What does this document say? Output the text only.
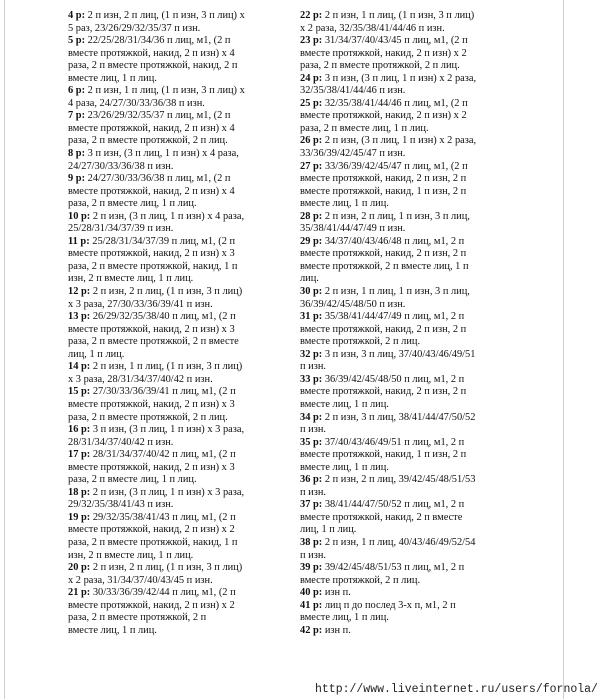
4 р: 2 п изн, 2 п лиц, (1 п изн, 3 п лиц) х
5 раз, 23/26/29/32/35/37 п изн.
5 р: 22/25/28/31/34/36 п лиц, м1, (2 п
вместе протяжкой, накид, 2 п изн) х 4
раза, 2 п вместе протяжкой, накид, 2 п
вместе лиц, 1 п лиц.
6 р: 2 п изн, 1 п лиц, (1 п изн, 3 п лиц) х
4 раза, 24/27/30/33/36/38 п изн.
7 р: 23/26/29/32/35/37 п лиц, м1, (2 п
вместе протяжкой, накид, 2 п изн) х 4
раза, 2 п вместе протяжкой, 2 п лиц.
8 р: 3 п изн, (3 п лиц, 1 п изн) х 4 раза,
24/27/30/33/36/38 п изн.
9 р: 24/27/30/33/36/38 п лиц, м1, (2 п
вместе протяжкой, накид, 2 п изн) х 4
раза, 2 п вместе лиц, 1 п лиц.
10 р: 2 п изн, (3 п лиц, 1 п изн) х 4 раза,
25/28/31/34/37/39 п изн.
11 р: 25/28/31/34/37/39 п лиц, м1, (2 п
вместе протяжкой, накид, 2 п изн) х 3
раза, 2 п вместе протяжкой, накид, 1 п
изн, 2 п вместе лиц, 1 п лиц.
12 р: 2 п изн, 2 п лиц, (1 п изн, 3 п лиц)
х 3 раза, 27/30/33/36/39/41 п изн.
13 р: 26/29/32/35/38/40 п лиц, м1, (2 п
вместе протяжкой, накид, 2 п изн) х 3
раза, 2 п вместе протяжкой, 2 п вместе
лиц, 1 п лиц.
14 р: 2 п изн, 1 п лиц, (1 п изн, 3 п лиц)
х 3 раза, 28/31/34/37/40/42 п изн.
15 р: 27/30/33/36/39/41 п лиц, м1, (2 п
вместе протяжкой, накид, 2 п изн) х 3
раза, 2 п вместе протяжкой, 2 п лиц.
16 р: 3 п изн, (3 п лиц, 1 п изн) х 3 раза,
28/31/34/37/40/42 п изн.
17 р: 28/31/34/37/40/42 п лиц, м1, (2 п
вместе протяжкой, накид, 2 п изн) х 3
раза, 2 п вместе лиц, 1 п лиц.
18 р: 2 п изн, (3 п лиц, 1 п изн) х 3 раза,
29/32/35/38/41/43 п изн.
19 р: 29/32/35/38/41/43 п лиц, м1, (2 п
вместе протяжкой, накид, 2 п изн) х 2
раза, 2 п вместе протяжкой, накид, 1 п
изн, 2 п вместе лиц, 1 п лиц.
20 р: 2 п изн, 2 п лиц, (1 п изн, 3 п лиц)
х 2 раза, 31/34/37/40/43/45 п изн.
21 р: 30/33/36/39/42/44 п лиц, м1, (2 п
вместе протяжкой, накид, 2 п изн) х 2
раза, 2 п вместе протяжкой, 2 п
вместе лиц, 1 п лиц.
22 р: 2 п изн, 1 п лиц, (1 п изн, 3 п лиц)
х 2 раза, 32/35/38/41/44/46 п изн.
23 р: 31/34/37/40/43/45 п лиц, м1, (2 п
вместе протяжкой, накид, 2 п изн) х 2
раза, 2 п вместе протяжкой, 2 п лиц.
24 р: 3 п изн, (3 п лиц, 1 п изн) х 2 раза,
32/35/38/41/44/46 п изн.
25 р: 32/35/38/41/44/46 п лиц, м1, (2 п
вместе протяжкой, накид, 2 п изн) х 2
раза, 2 п вместе лиц, 1 п лиц.
26 р: 2 п изн, (3 п лиц, 1 п изн) х 2 раза,
33/36/39/42/45/47 п изн.
27 р: 33/36/39/42/45/47 п лиц, м1, (2 п
вместе протяжкой, накид, 2 п изн, 2 п
вместе протяжкой, накид, 1 п изн, 2 п
вместе лиц, 1 п лиц.
28 р: 2 п изн, 2 п лиц, 1 п изн, 3 п лиц,
35/38/41/44/47/49 п изн.
29 р: 34/37/40/43/46/48 п лиц, м1, 2 п
вместе протяжкой, накид, 2 п изн, 2 п
вместе протяжкой, 2 п вместе лиц, 1 п
лиц.
30 р: 2 п изн, 1 п лиц, 1 п изн, 3 п лиц,
36/39/42/45/48/50 п изн.
31 р: 35/38/41/44/47/49 п лиц, м1, 2 п
вместе протяжкой, накид, 2 п изн, 2 п
вместе протяжкой, 2 п лиц.
32 р: 3 п изн, 3 п лиц, 37/40/43/46/49/51
п изн.
33 р: 36/39/42/45/48/50 п лиц, м1, 2 п
вместе протяжкой, накид, 2 п изн, 2 п
вместе лиц, 1 п лиц.
34 р: 2 п изн, 3 п лиц, 38/41/44/47/50/52
п изн.
35 р: 37/40/43/46/49/51 п лиц, м1, 2 п
вместе протяжкой, накид, 1 п изн, 2 п
вместе лиц, 1 п лиц.
36 р: 2 п изн, 2 п лиц, 39/42/45/48/51/53
п изн.
37 р: 38/41/44/47/50/52 п лиц, м1, 2 п
вместе протяжкой, накид, 2 п вместе
лиц, 1 п лиц.
38 р: 2 п изн, 1 п лиц, 40/43/46/49/52/54
п изн.
39 р: 39/42/45/48/51/53 п лиц, м1, 2 п
вместе протяжкой, 2 п лиц.
40 р: изн п.
41 р: лиц п до послед 3-х п, м1, 2 п
вместе лиц, 1 п лиц.
42 р: изн п.
http://www.liveinternet.ru/users/fornola/
